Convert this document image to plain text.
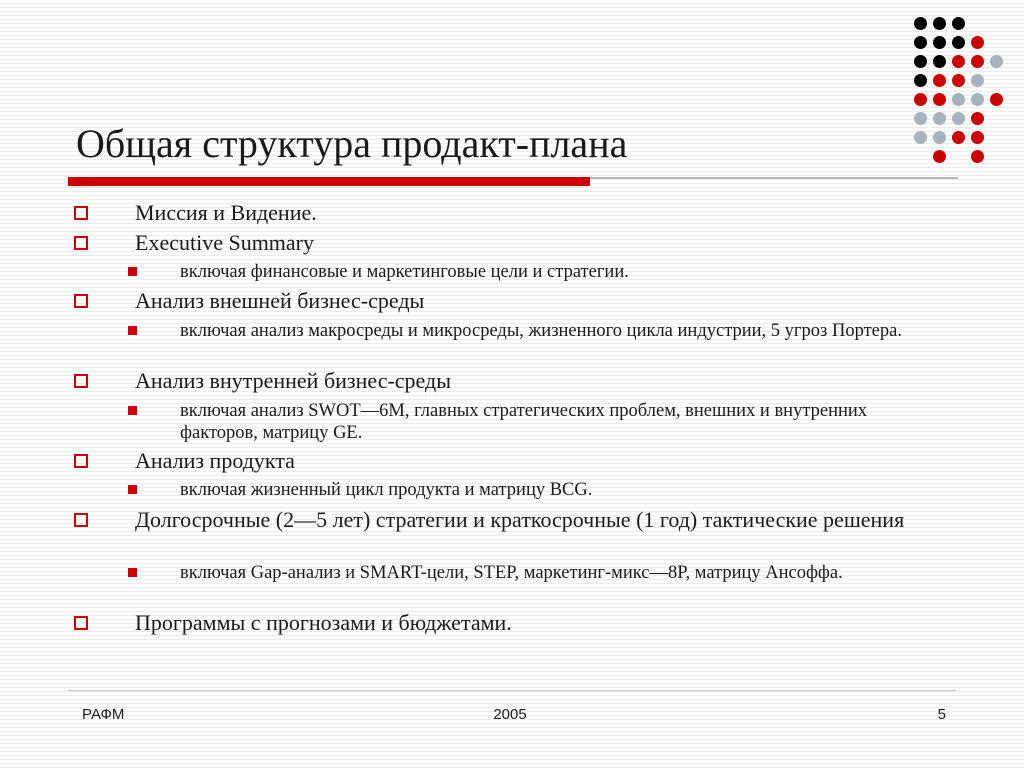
Общая структура продакт-плана
Миссия и Видение.
Executive Summary
включая финансовые и маркетинговые цели и стратегии.
Анализ внешней бизнес-среды
включая анализ макросреды и микросреды, жизненного цикла индустрии, 5 угроз Портера.
Анализ внутренней бизнес-среды
включая анализ SWOT—6M, главных стратегических проблем, внешних и внутренних факторов, матрицу GE.
Анализ продукта
включая жизненный цикл продукта и матрицу BCG.
Долгосрочные (2—5 лет) стратегии и краткосрочные (1 год) тактические решения
включая Gap-анализ и SMART-цели, STEP, маркетинг-микс—8P, матрицу Ансоффа.
Программы с прогнозами и бюджетами.
РАФМ	2005	5
